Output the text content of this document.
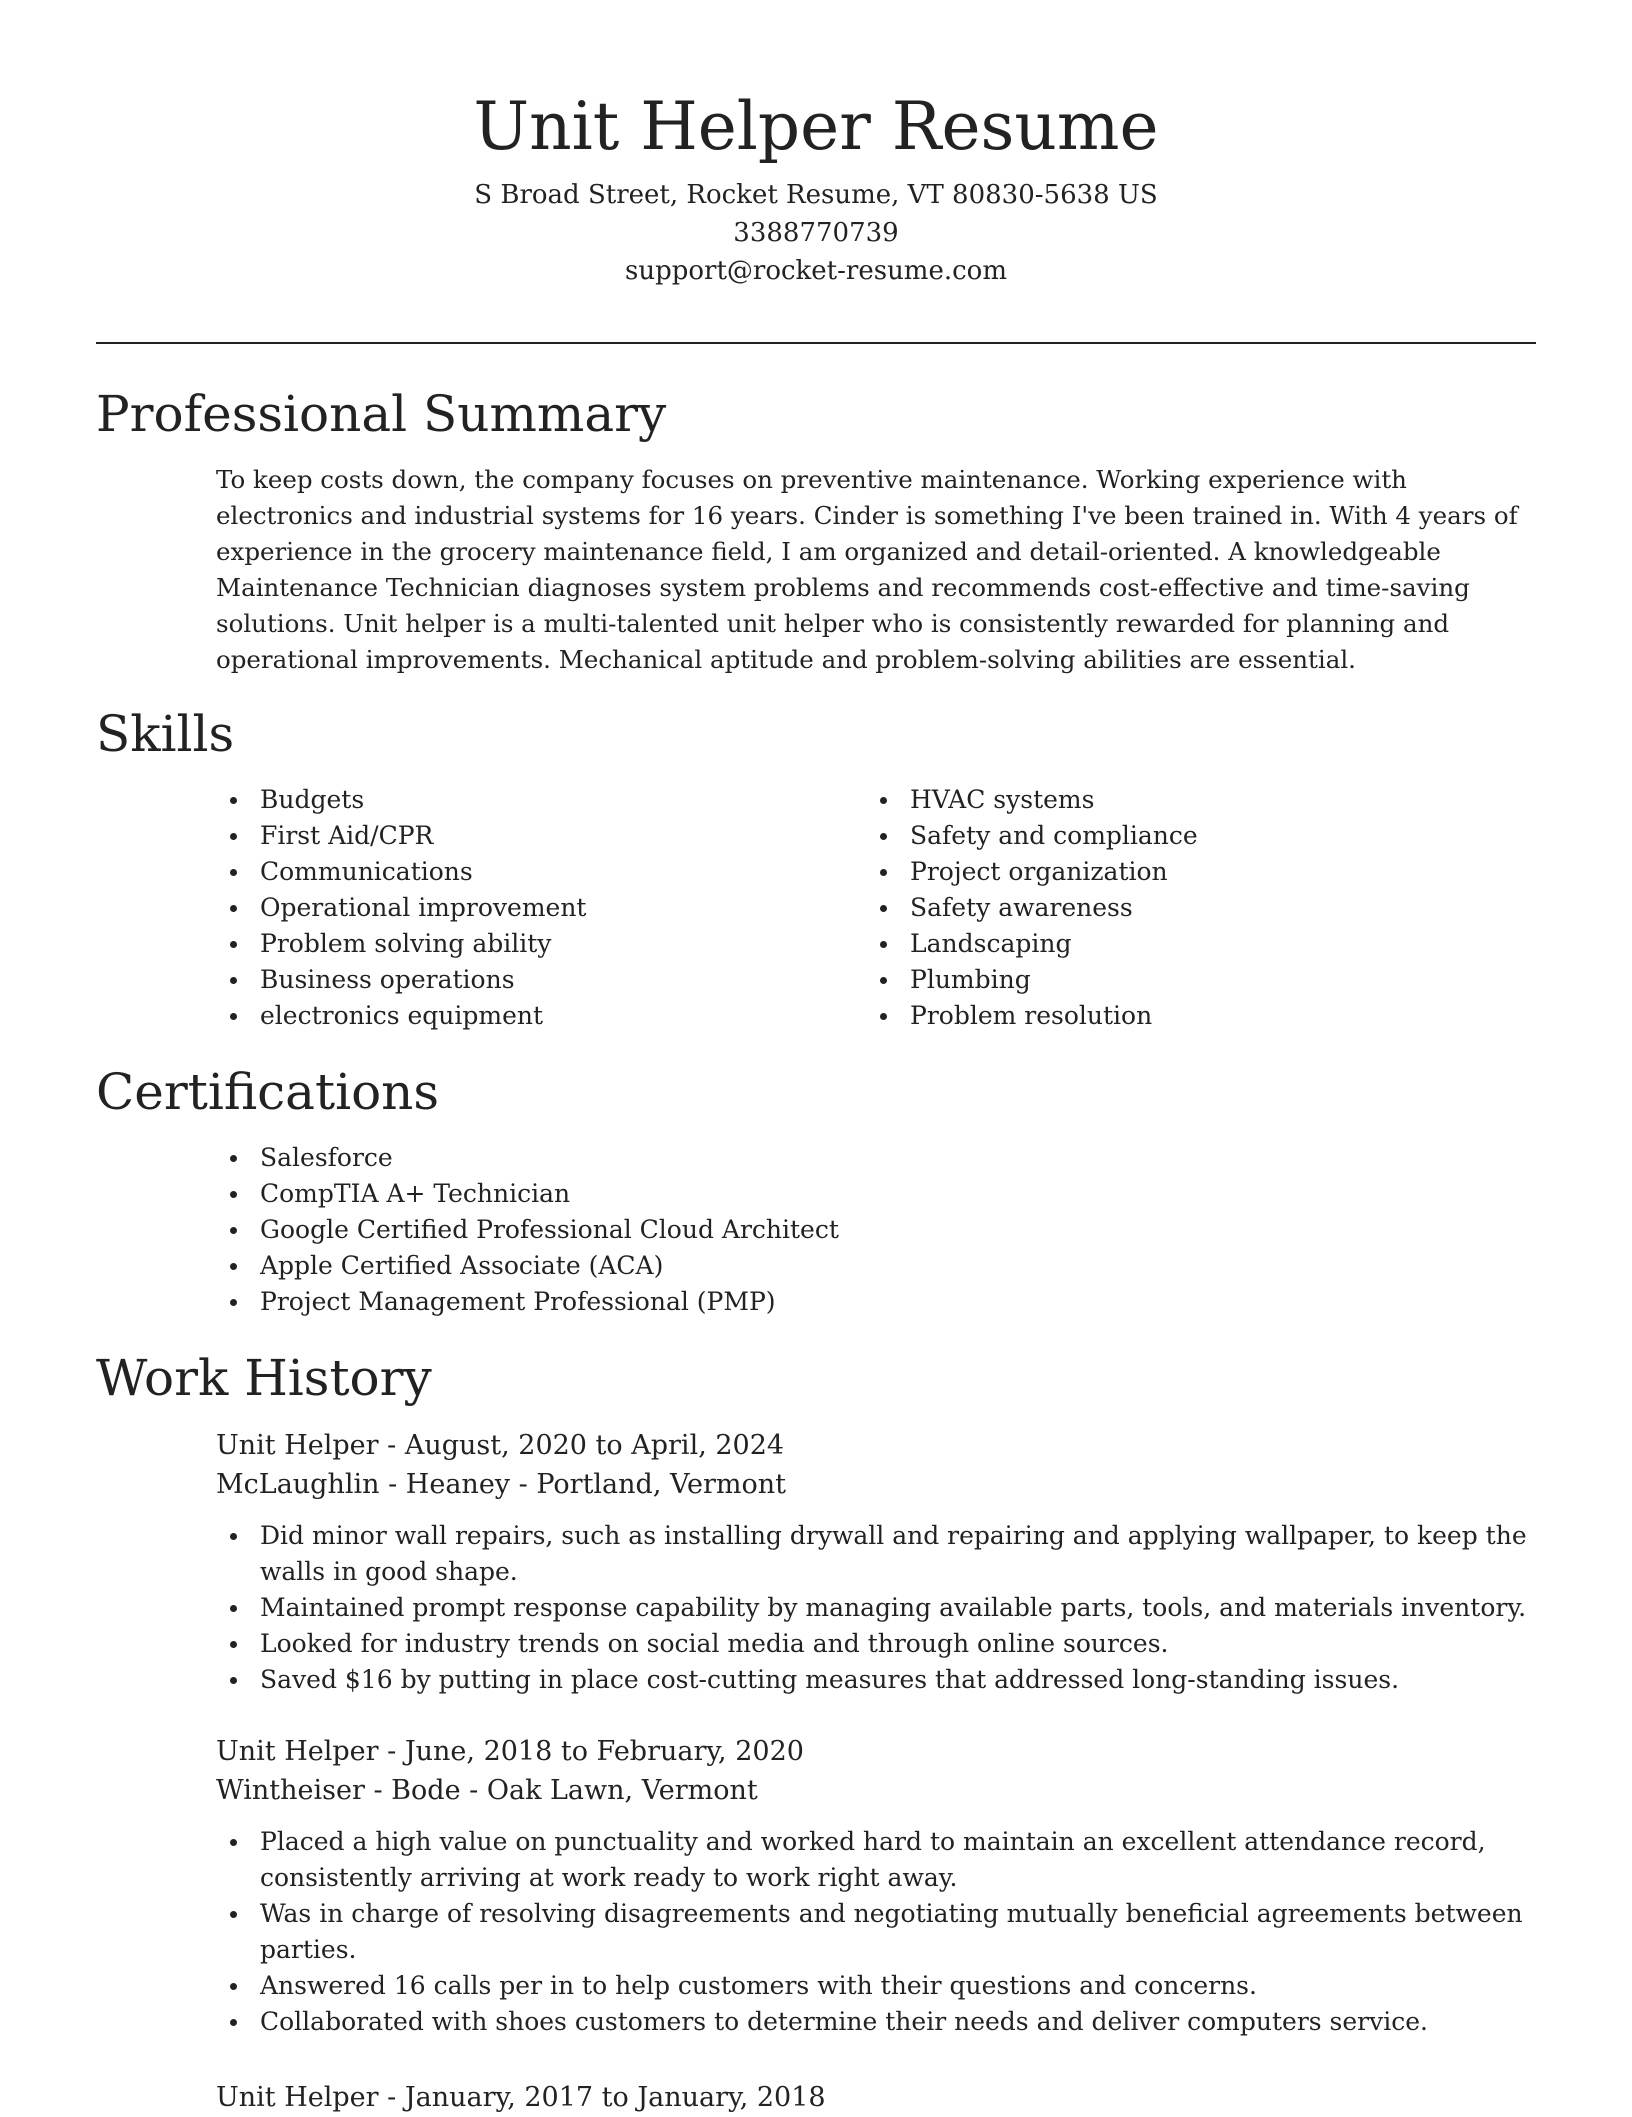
Unit Helper Resume
S Broad Street, Rocket Resume, VT 80830-5638 US
3388770739
support@rocket-resume.com
Professional Summary
To keep costs down, the company focuses on preventive maintenance. Working experience with electronics and industrial systems for 16 years. Cinder is something I've been trained in. With 4 years of experience in the grocery maintenance field, I am organized and detail-oriented. A knowledgeable Maintenance Technician diagnoses system problems and recommends cost-effective and time-saving solutions. Unit helper is a multi-talented unit helper who is consistently rewarded for planning and operational improvements. Mechanical aptitude and problem-solving abilities are essential.
Skills
Budgets
First Aid/CPR
Communications
Operational improvement
Problem solving ability
Business operations
electronics equipment
HVAC systems
Safety and compliance
Project organization
Safety awareness
Landscaping
Plumbing
Problem resolution
Certifications
Salesforce
CompTIA A+ Technician
Google Certified Professional Cloud Architect
Apple Certified Associate (ACA)
Project Management Professional (PMP)
Work History
Unit Helper - August, 2020 to April, 2024
McLaughlin - Heaney - Portland, Vermont
Did minor wall repairs, such as installing drywall and repairing and applying wallpaper, to keep the walls in good shape.
Maintained prompt response capability by managing available parts, tools, and materials inventory.
Looked for industry trends on social media and through online sources.
Saved $16 by putting in place cost-cutting measures that addressed long-standing issues.
Unit Helper - June, 2018 to February, 2020
Wintheiser - Bode - Oak Lawn, Vermont
Placed a high value on punctuality and worked hard to maintain an excellent attendance record, consistently arriving at work ready to work right away.
Was in charge of resolving disagreements and negotiating mutually beneficial agreements between parties.
Answered 16 calls per in to help customers with their questions and concerns.
Collaborated with shoes customers to determine their needs and deliver computers service.
Unit Helper - January, 2017 to January, 2018
